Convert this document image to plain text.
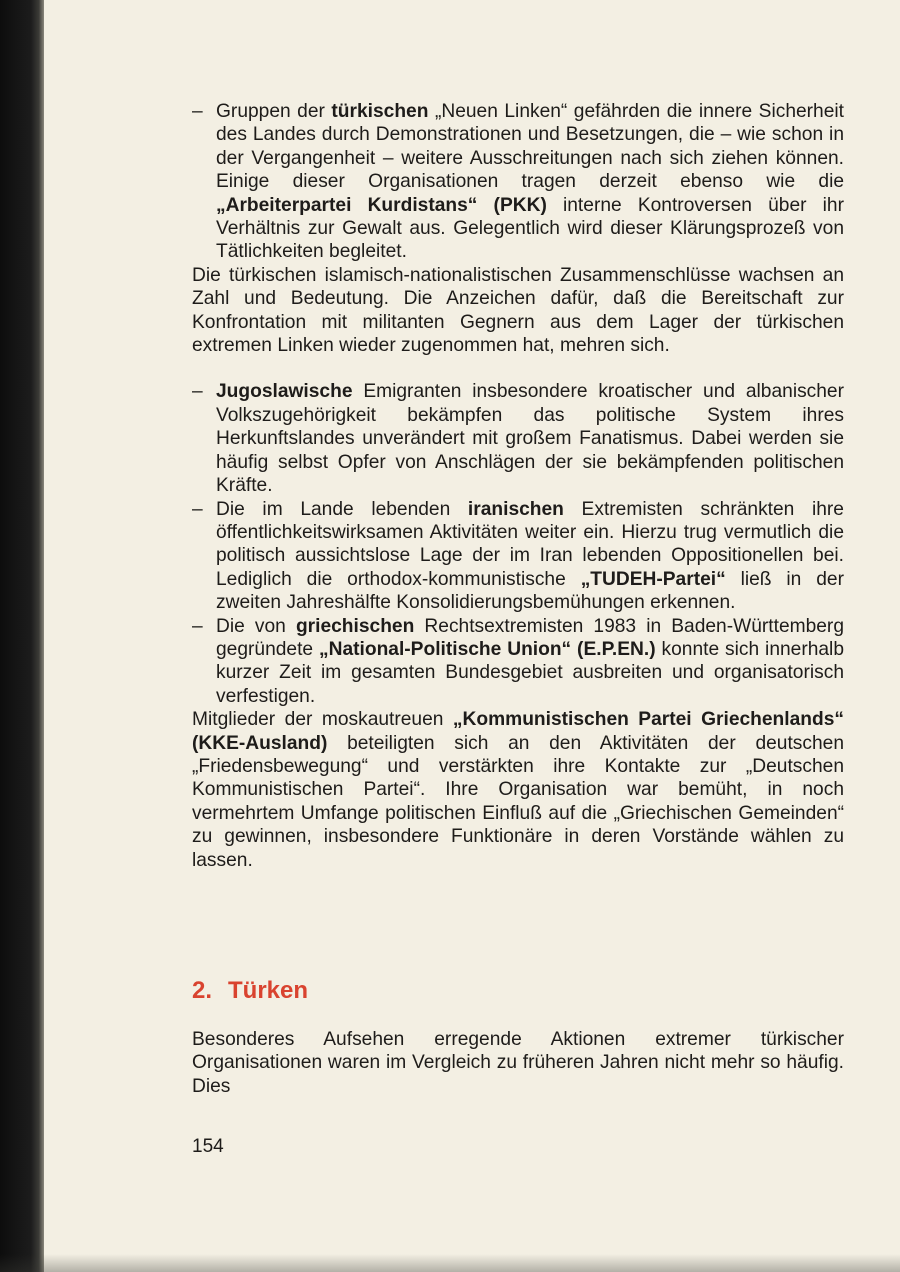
– Gruppen der türkischen „Neuen Linken“ gefährden die innere Sicherheit des Landes durch Demonstrationen und Besetzungen, die – wie schon in der Vergangenheit – weitere Ausschreitungen nach sich ziehen können. Einige dieser Organisationen tragen derzeit ebenso wie die „Arbeiterpartei Kurdistans“ (PKK) interne Kontroversen über ihr Verhältnis zur Gewalt aus. Gelegentlich wird dieser Klärungsprozeß von Tätlichkeiten begleitet.

Die türkischen islamisch-nationalistischen Zusammenschlüsse wachsen an Zahl und Bedeutung. Die Anzeichen dafür, daß die Bereitschaft zur Konfrontation mit militanten Gegnern aus dem Lager der türkischen extremen Linken wieder zugenommen hat, mehren sich.

– Jugoslawische Emigranten insbesondere kroatischer und albanischer Volkszugehörigkeit bekämpfen das politische System ihres Herkunftslandes unverändert mit großem Fanatismus. Dabei werden sie häufig selbst Opfer von Anschlägen der sie bekämpfenden politischen Kräfte.

– Die im Lande lebenden iranischen Extremisten schränkten ihre öffentlichkeitswirksamen Aktivitäten weiter ein. Hierzu trug vermutlich die politisch aussichtslose Lage der im Iran lebenden Oppositionellen bei. Lediglich die orthodox-kommunistische „TUDEH-Partei“ ließ in der zweiten Jahreshälfte Konsolidierungsbemühungen erkennen.

– Die von griechischen Rechtsextremisten 1983 in Baden-Württemberg gegründete „National-Politische Union“ (E.P.EN.) konnte sich innerhalb kurzer Zeit im gesamten Bundesgebiet ausbreiten und organisatorisch verfestigen.

Mitglieder der moskautreuen „Kommunistischen Partei Griechenlands“ (KKE-Ausland) beteiligten sich an den Aktivitäten der deutschen „Friedensbewegung“ und verstärkten ihre Kontakte zur „Deutschen Kommunistischen Partei“. Ihre Organisation war bemüht, in noch vermehrtem Umfange politischen Einfluß auf die „Griechischen Gemeinden“ zu gewinnen, insbesondere Funktionäre in deren Vorstände wählen zu lassen.

2. Türken

Besonderes Aufsehen erregende Aktionen extremer türkischer Organisationen waren im Vergleich zu früheren Jahren nicht mehr so häufig. Dies

154
